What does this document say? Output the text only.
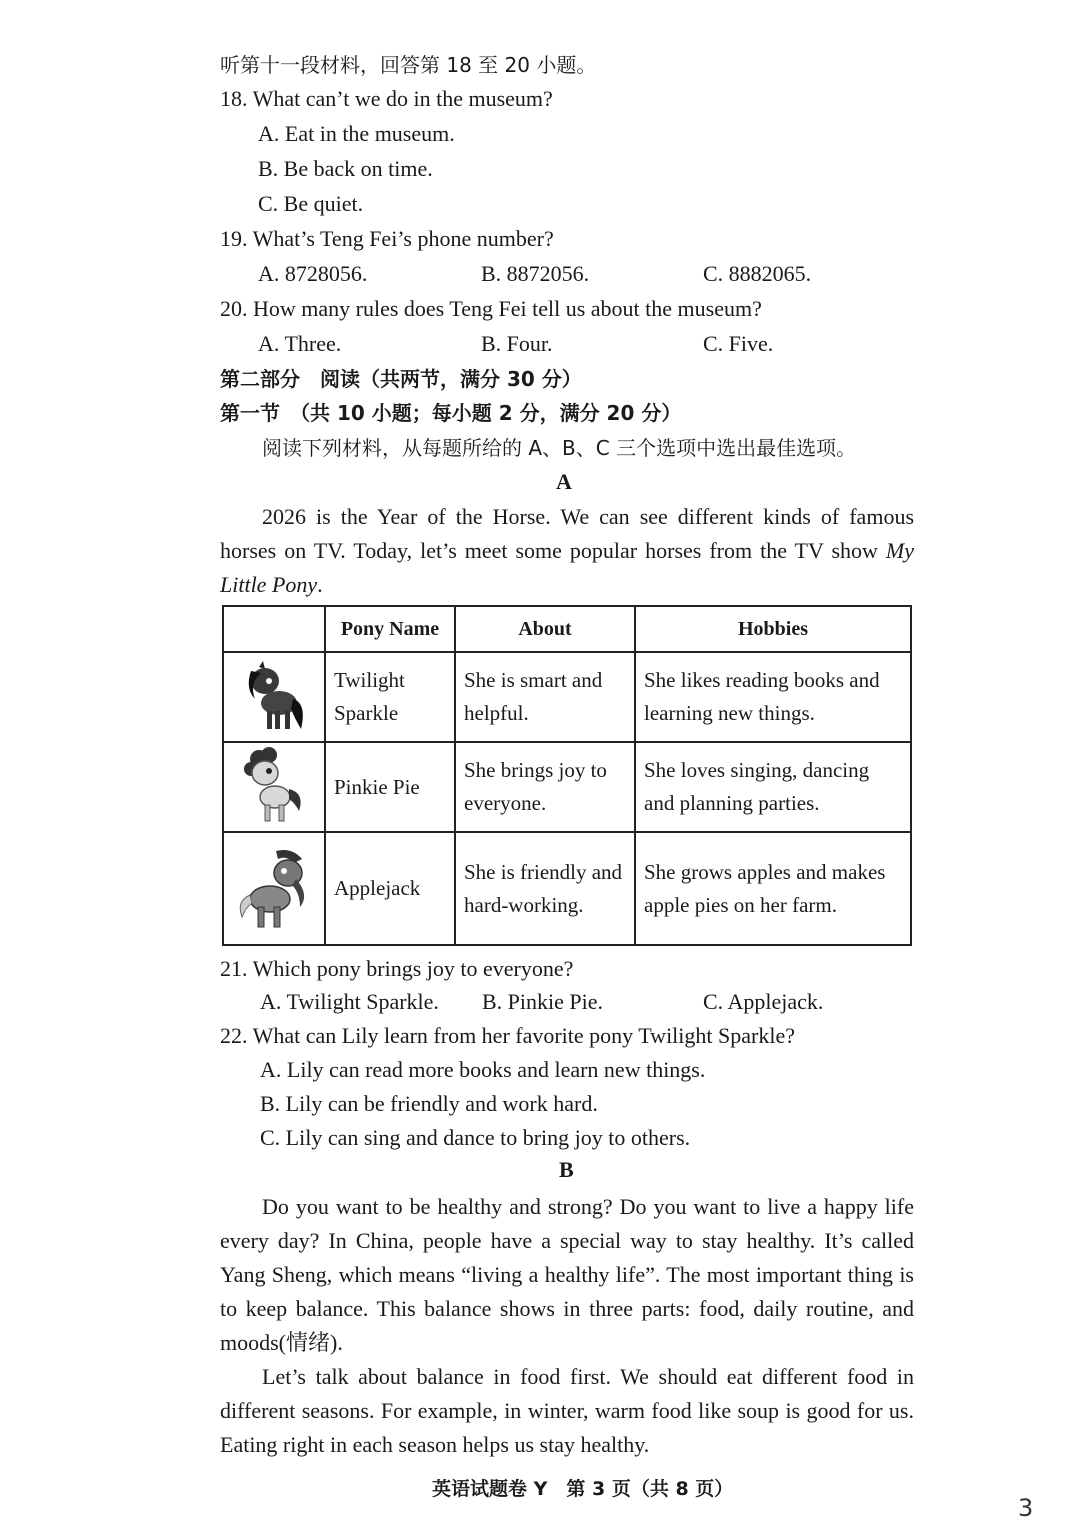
听第十一段材料，回答第 18 至 20 小题。
18. What can’t we do in the museum?
A. Eat in the museum.
B. Be back on time.
C. Be quiet.
19. What’s Teng Fei’s phone number?
A. 8728056.	B. 8872056.	C. 8882065.
20. How many rules does Teng Fei tell us about the museum?
A. Three.	B. Four.	C. Five.
第二部分　阅读（共两节，满分 30 分）
第一节　（共 10 小题；每小题 2 分，满分 20 分）
阅读下列材料，从每题所给的 A、B、C 三个选项中选出最佳选项。
A

2026 is the Year of the Horse. We can see different kinds of famous horses on TV. Today, let’s meet some popular horses from the TV show My Little Pony.

	Pony Name	About	Hobbies

	Twilight Sparkle	She is smart and helpful.	She likes reading books and learning new things.

	Pinkie Pie	She brings joy to everyone.	She loves singing, dancing and planning parties.

	Applejack	She is friendly and hard-working.	She grows apples and makes apple pies on her farm.
21. Which pony brings joy to everyone?
A. Twilight Sparkle. B. Pinkie Pie.	C. Applejack.
22. What can Lily learn from her favorite pony Twilight Sparkle?
A. Lily can read more books and learn new things.
B. Lily can be friendly and work hard.
C. Lily can sing and dance to bring joy to others.
B

Do you want to be healthy and strong? Do you want to live a happy life every day? In China, people have a special way to stay healthy. It’s called Yang Sheng, which means “living a healthy life”. The most important thing is to keep balance. This balance shows in three parts: food, daily routine, and moods(情绪).

Let’s talk about balance in food first. We should eat different food in different seasons. For example, in winter, warm food like soup is good for us. Eating right in each season helps us stay healthy.

英语试题卷 Y　第 3 页（共 8 页）
3
